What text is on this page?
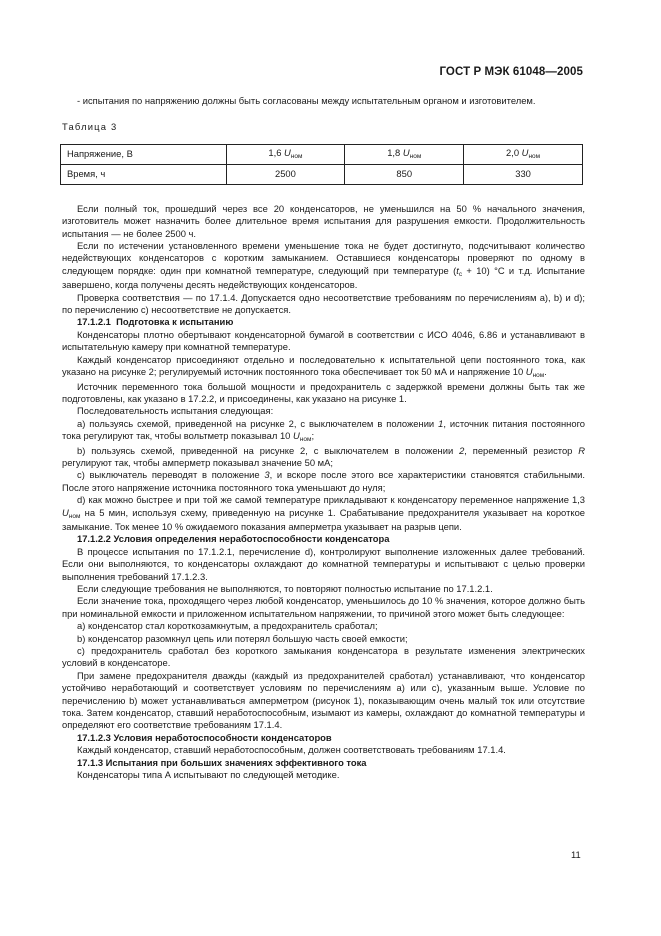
ГОСТ Р МЭК 61048—2005

- испытания по напряжению должны быть согласованы между испытательным органом и изготовителем.

Таблица 3

Напряжение, В	1,6 $U_{ном}$	1,8 $U_{ном}$	2,0 $U_{ном}$
Время, ч	2500	850	330

Если полный ток, прошедший через все 20 конденсаторов, не уменьшился на 50 % начального значения, изготовитель может назначить более длительное время испытания для разрушения емкости. Продолжительность испытания — не более 2500 ч.

Если по истечении установленного времени уменьшение тока не будет достигнуто, подсчитывают количество недействующих конденсаторов с коротким замыканием. Оставшиеся конденсаторы проверяют по одному в следующем порядке: один при комнатной температуре, следующий при температуре $(t_c + 10)$ °С и т.д. Испытание завершено, когда получены десять недействующих конденсаторов.

Проверка соответствия — по 17.1.4. Допускается одно несоответствие требованиям по перечислениям а), b) и d); по перечислению с) несоответствие не допускается.

17.1.2.1 Подготовка к испытанию

Конденсаторы плотно обертывают конденсаторной бумагой в соответствии с ИСО 4046, 6.86 и устанавливают в испытательную камеру при комнатной температуре.

Каждый конденсатор присоединяют отдельно и последовательно к испытательной цепи постоянного тока, как указано на рисунке 2; регулируемый источник постоянного тока обеспечивает ток 50 мА и напряжение 10 $U_{ном}$.

Источник переменного тока большой мощности и предохранитель с задержкой времени должны быть так же подготовлены, как указано в 17.2.2, и присоединены, как указано на рисунке 1.

Последовательность испытания следующая:

а) пользуясь схемой, приведенной на рисунке 2, с выключателем в положении 1, источник питания постоянного тока регулируют так, чтобы вольтметр показывал 10 $U_{ном}$;

b) пользуясь схемой, приведенной на рисунке 2, с выключателем в положении 2, переменный резистор R регулируют так, чтобы амперметр показывал значение 50 мА;

с) выключатель переводят в положение 3, и вскоре после этого все характеристики становятся стабильными. После этого напряжение источника постоянного тока уменьшают до нуля;

d) как можно быстрее и при той же самой температуре прикладывают к конденсатору переменное напряжение 1,3 $U_{ном}$ на 5 мин, используя схему, приведенную на рисунке 1. Срабатывание предохранителя указывает на короткое замыкание. Ток менее 10 % ожидаемого показания амперметра указывает на разрыв цепи.

17.1.2.2 Условия определения неработоспособности конденсатора

В процессе испытания по 17.1.2.1, перечисление d), контролируют выполнение изложенных далее требований. Если они выполняются, то конденсаторы охлаждают до комнатной температуры и испытывают с целью проверки выполнения требований 17.1.2.3.

Если следующие требования не выполняются, то повторяют полностью испытание по 17.1.2.1.

Если значение тока, проходящего через любой конденсатор, уменьшилось до 10 % значения, которое должно быть при номинальной емкости и приложенном испытательном напряжении, то причиной этого может быть следующее:

а) конденсатор стал короткозамкнутым, а предохранитель сработал;

b) конденсатор разомкнул цепь или потерял большую часть своей емкости;

с) предохранитель сработал без короткого замыкания конденсатора в результате изменения электрических условий в конденсаторе.

При замене предохранителя дважды (каждый из предохранителей сработал) устанавливают, что конденсатор устойчиво неработающий и соответствует условиям по перечислениям а) или с), указанным выше. Условие по перечислению b) может устанавливаться амперметром (рисунок 1), показывающим очень малый ток или отсутствие тока. Затем конденсатор, ставший неработоспособным, изымают из камеры, охлаждают до комнатной температуры и определяют его соответствие требованиям 17.1.4.

17.1.2.3 Условия неработоспособности конденсаторов

Каждый конденсатор, ставший неработоспособным, должен соответствовать требованиям 17.1.4.

17.1.3 Испытания при больших значениях эффективного тока

Конденсаторы типа А испытывают по следующей методике.

11
